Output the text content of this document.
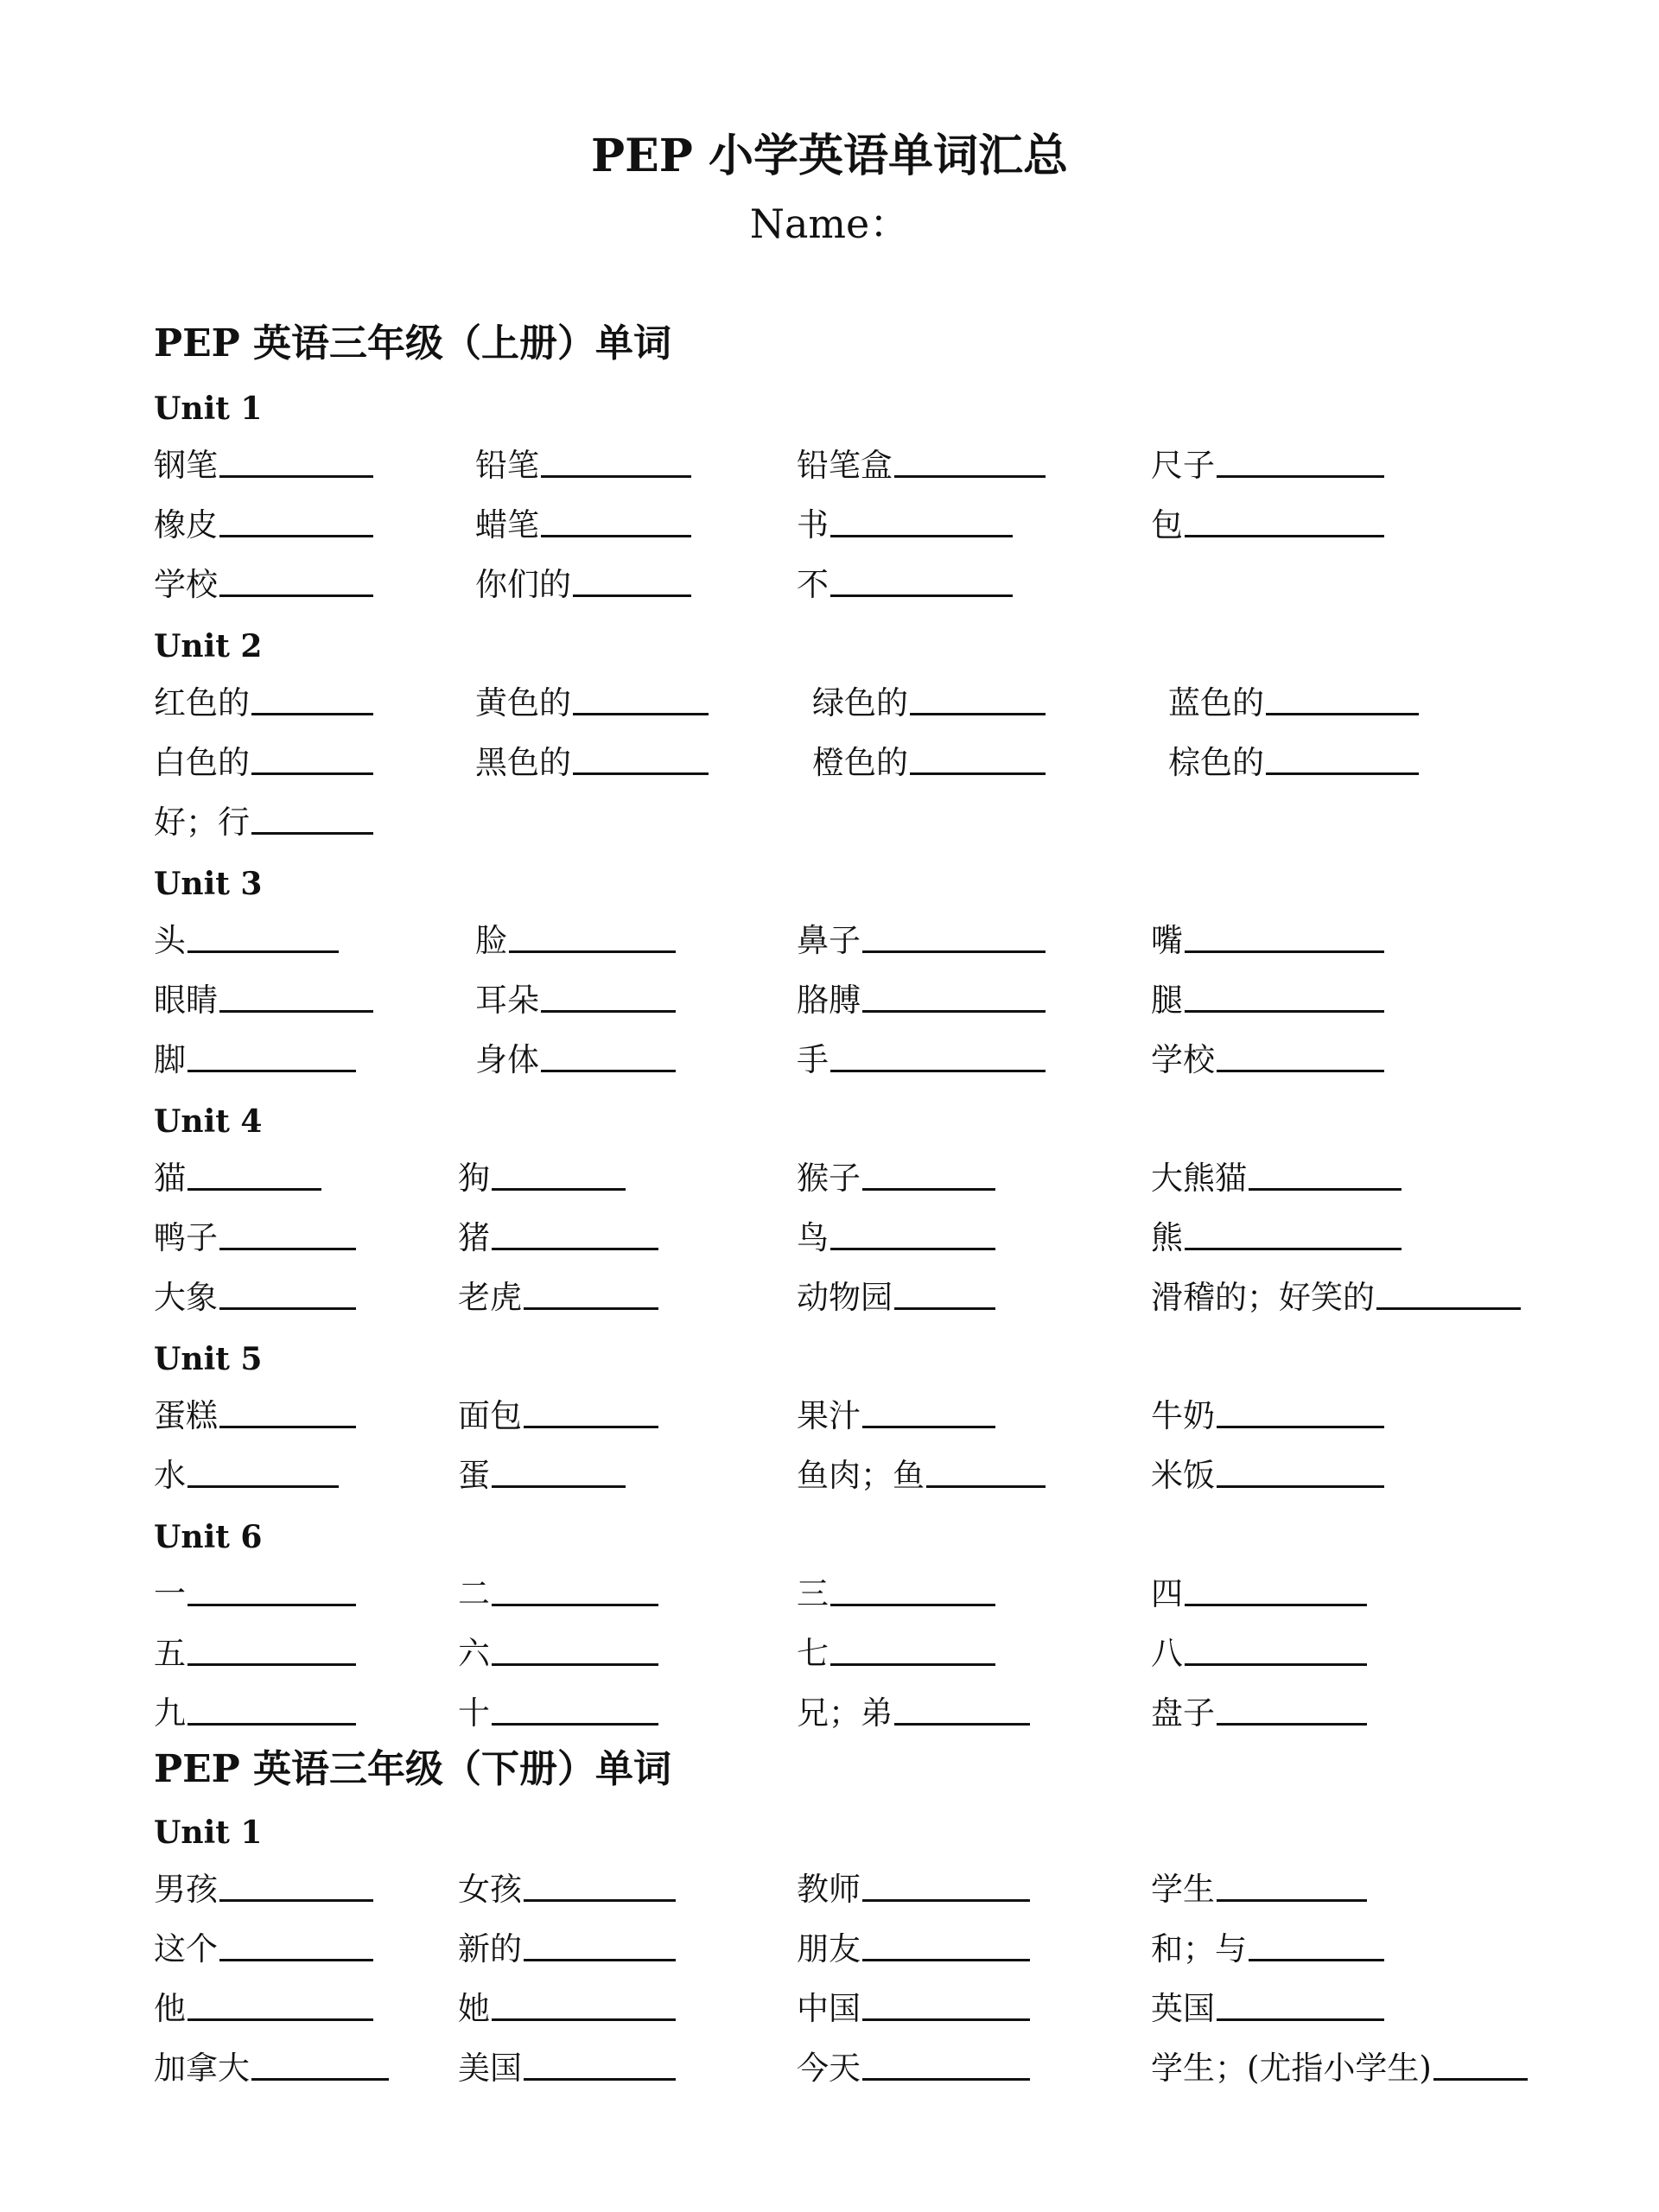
PEP 小学英语单词汇总
Name：
PEP 英语三年级（上册）单词
Unit 1
钢笔	铅笔	铅笔盒	尺子
橡皮	蜡笔	书	包
学校	你们的	不
Unit 2
红色的	黄色的	绿色的	蓝色的
白色的	黑色的	橙色的	棕色的
好；行
Unit 3
头	脸	鼻子	嘴
眼睛	耳朵	胳膊	腿
脚	身体	手	学校
Unit 4
猫	狗	猴子	大熊猫
鸭子	猪	鸟	熊
大象	老虎	动物园	滑稽的；好笑的
Unit 5
蛋糕	面包	果汁	牛奶
水	蛋	鱼肉；鱼	米饭
Unit 6
一	二	三	四
五	六	七	八
九	十	兄；弟	盘子
PEP 英语三年级（下册）单词
Unit 1
男孩	女孩	教师	学生
这个	新的	朋友	和；与
他	她	中国	英国
加拿大	美国	今天	学生；(尤指小学生)
